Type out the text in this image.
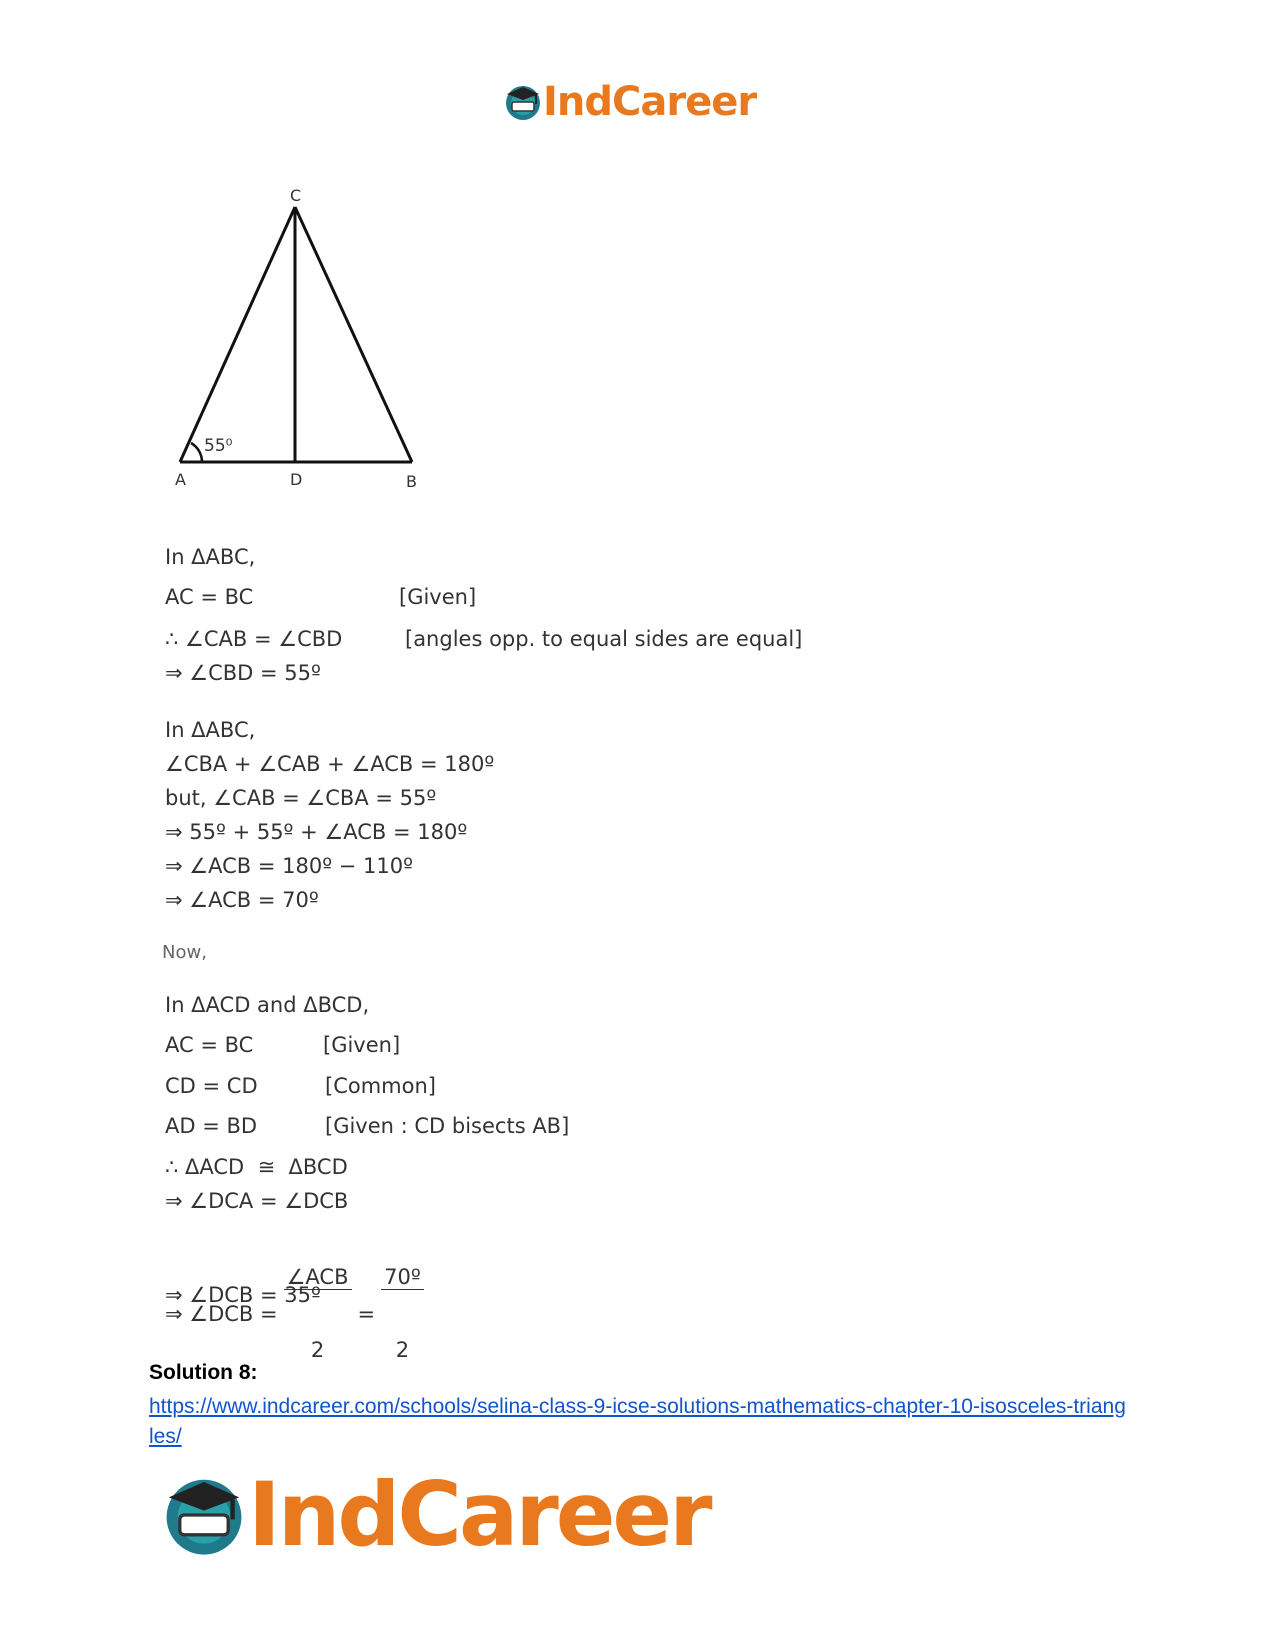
IndCareer
C
A	D	B
55⁰

In ΔABC,

AC = BC

	[Given]

∴ ∠CAB = ∠CBD

	[angles opp. to equal sides are equal]

⇒ ∠CBD = 55º

In ΔABC,

∠CBA + ∠CAB + ∠ACB = 180º

but, ∠CAB = ∠CBA = 55º

⇒ 55º + 55º + ∠ACB = 180º

⇒ ∠ACB = 180º − 110º

⇒ ∠ACB = 70º

Now,

In ΔACD and ΔBCD,

AC = BC

	[Given]

CD = CD

	[Common]

AD = BD

	[Given : CD bisects AB]

∴ ΔACD  ≅  ΔBCD

⇒ ∠DCA = ∠DCB

⇒ ∠DCB =

$\frac{\text{∠ACB}}{2}$

=

$\frac{\text{70º}}{2}$

⇒ ∠DCB = 35º

Solution 8:
https://www.indcareer.com/schools/selina-class-9-icse-solutions-mathematics-chapter-10-isosceles-triangles/
IndCareer
